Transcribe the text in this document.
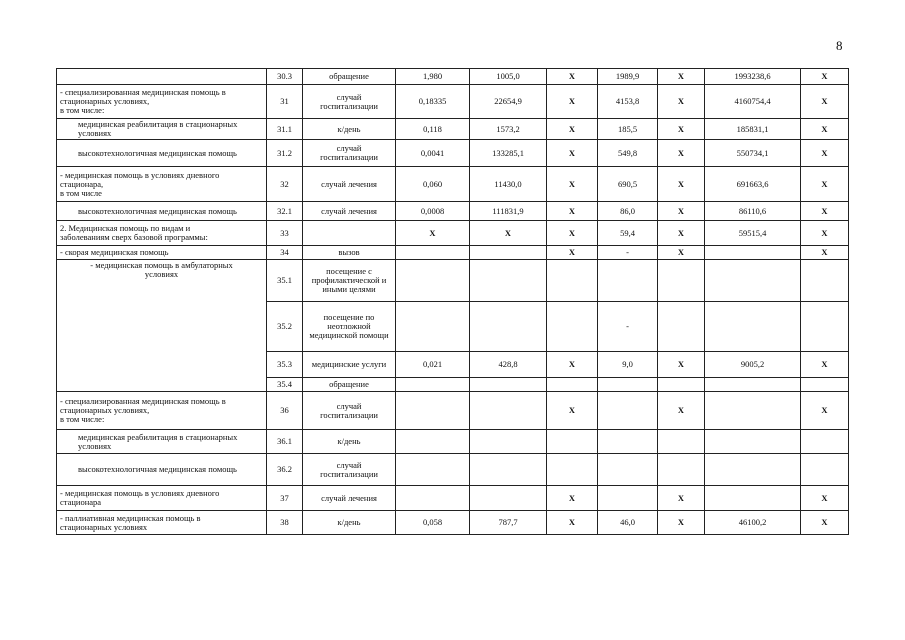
8

	30.3	обращение	1,980	1005,0	X	1989,9	X	1993238,6	X

- специализированная медицинская помощь в
стационарных условиях,
в том числе:	31	случай
госпитализации	0,18335	22654,9	X	4153,8	X	4160754,4	X

медицинская реабилитация в стационарных
условиях	31.1	к/день	0,118	1573,2	X	185,5	X	185831,1	X

высокотехнологичная медицинская помощь	31.2	случай
госпитализации	0,0041	133285,1	X	549,8	X	550734,1	X

- медицинская помощь в условиях дневного
стационара,
в том числе	32	случай лечения	0,060	11430,0	X	690,5	X	691663,6	X

высокотехнологичная медицинская помощь	32.1	случай лечения	0,0008	111831,9	X	86,0	X	86110,6	X

2. Медицинская помощь по видам и
заболеваниям сверх базовой программы:	33		X	X	X	59,4	X	59515,4	X

- скорая медицинская помощь	34	вызов			X	-	X		X

- медицинская помощь в амбулаторных
условиях	35.1	посещение с
профилактической и
иными целями							

	35.2	посещение по
неотложной
медицинской помощи				-			

	35.3	медицинские услуги	0,021	428,8	X	9,0	X	9005,2	X

	35.4	обращение							

- специализированная медицинская помощь в
стационарных условиях,
в том числе:	36	случай
госпитализации			X		X		X

медицинская реабилитация в стационарных
условиях	36.1	к/день							

высокотехнологичная медицинская помощь	36.2	случай
госпитализации							

- медицинская помощь в условиях дневного
стационара	37	случай лечения			X		X		X

- паллиативная медицинская помощь в
стационарных условиях	38	к/день	0,058	787,7	X	46,0	X	46100,2	X
